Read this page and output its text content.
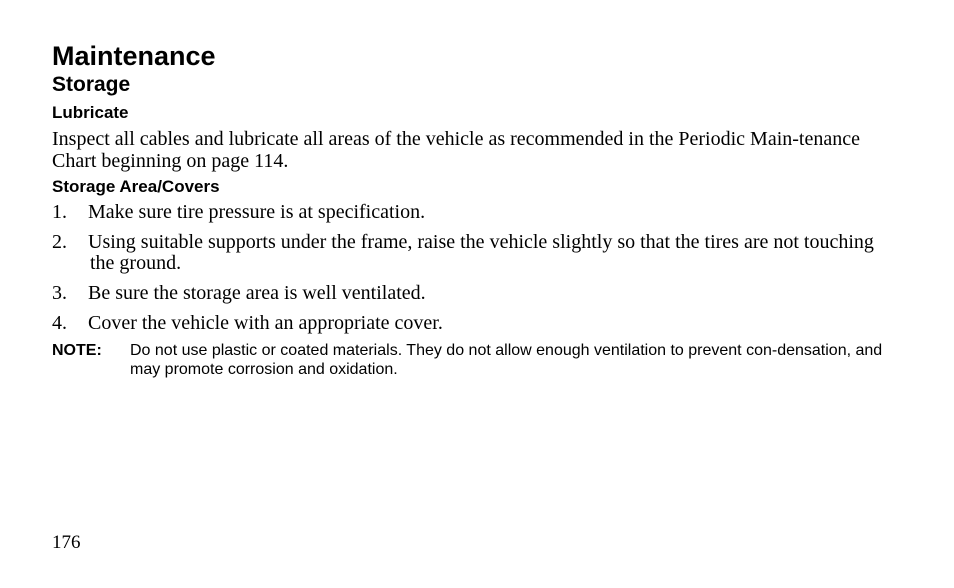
Maintenance
Storage
Lubricate

Inspect all cables and lubricate all areas of the vehicle as recommended in the Periodic Main-tenance Chart beginning on page 114.

Storage Area/Covers
1. Make sure tire pressure is at specification.
2. Using suitable supports under the frame, raise the vehicle slightly so that the tires are not touching the ground.
3. Be sure the storage area is well ventilated.
4. Cover the vehicle with an appropriate cover.
NOTE:	Do not use plastic or coated materials. They do not allow enough ventilation to prevent con-densation, and may promote corrosion and oxidation.
176
